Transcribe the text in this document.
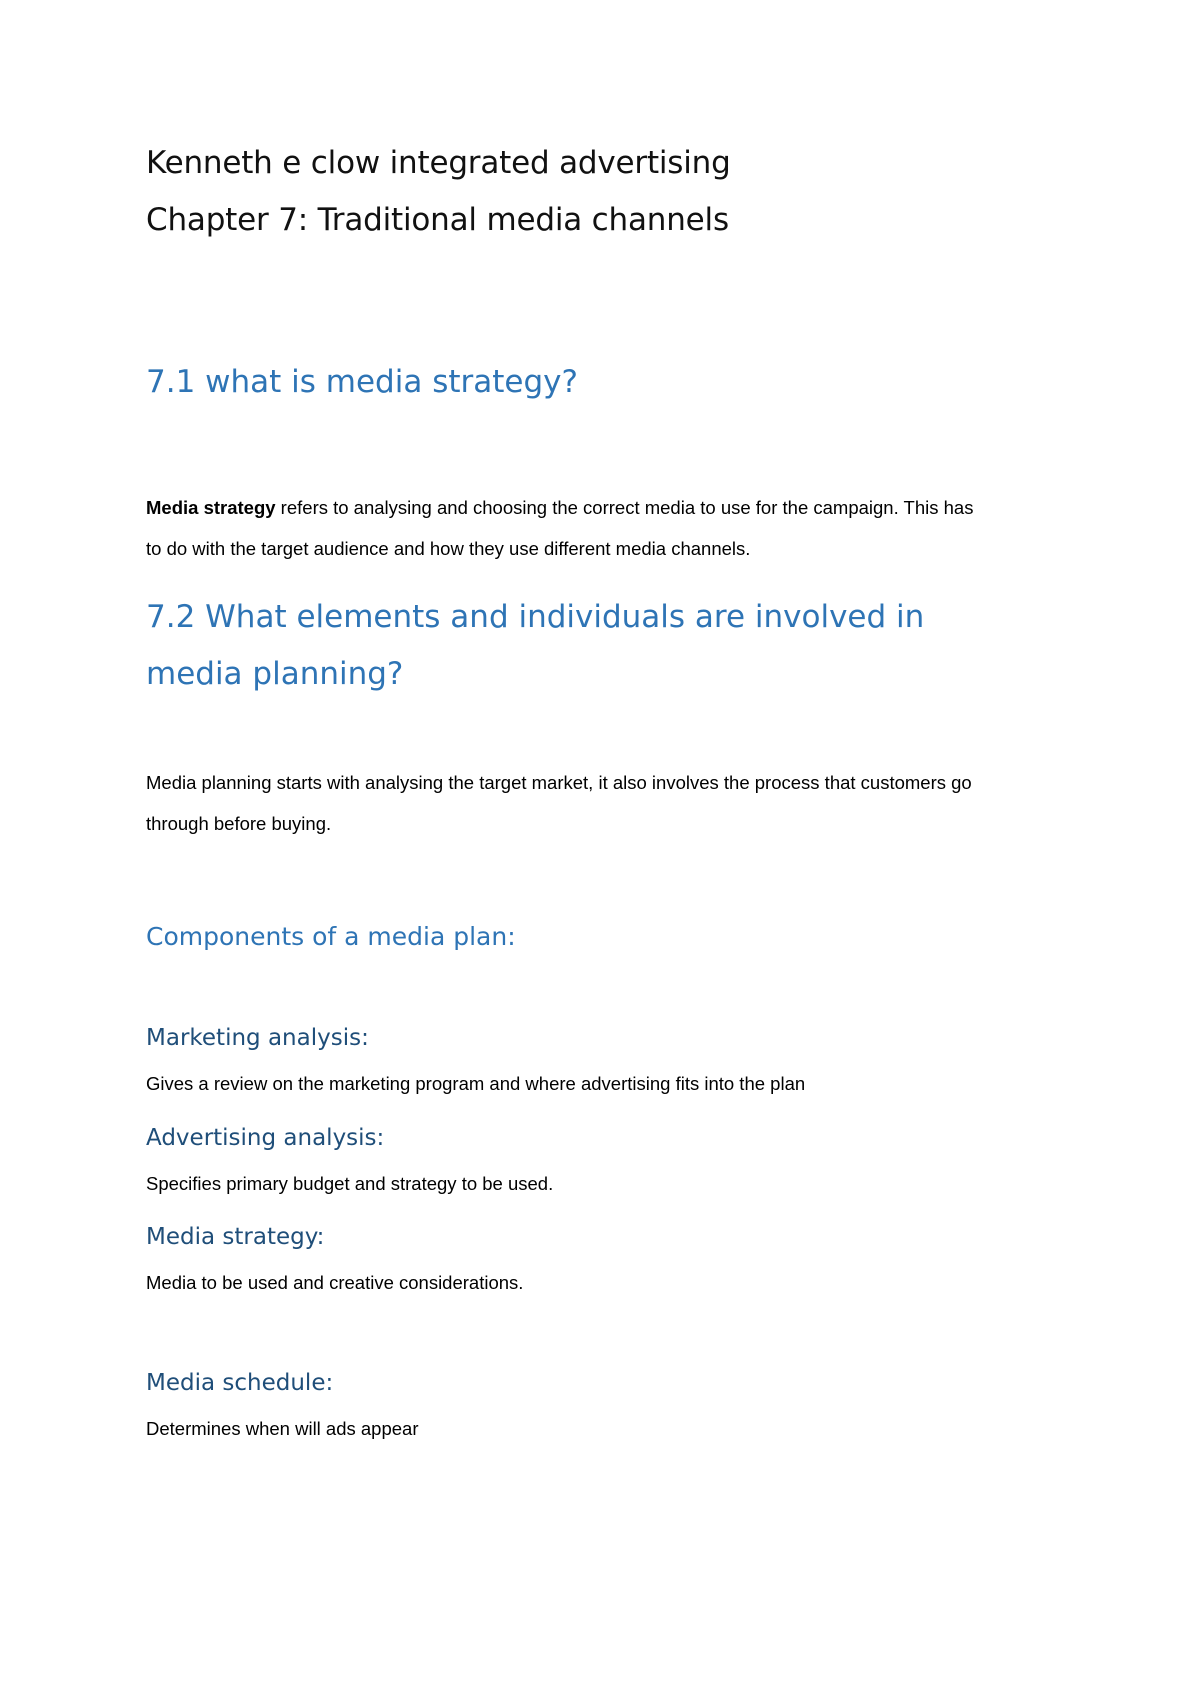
Kenneth e clow integrated advertising

Chapter 7: Traditional media channels

7.1 what is media strategy?

Media strategy refers to analysing and choosing the correct media to use for the campaign. This has

to do with the target audience and how they use different media channels.

7.2 What elements and individuals are involved in
media planning?

Media planning starts with analysing the target market, it also involves the process that customers go

through before buying.

Components of a media plan:
Marketing analysis:

Gives a review on the marketing program and where advertising fits into the plan

Advertising analysis:

Specifies primary budget and strategy to be used.

Media strategy:

Media to be used and creative considerations.

Media schedule:

Determines when will ads appear
